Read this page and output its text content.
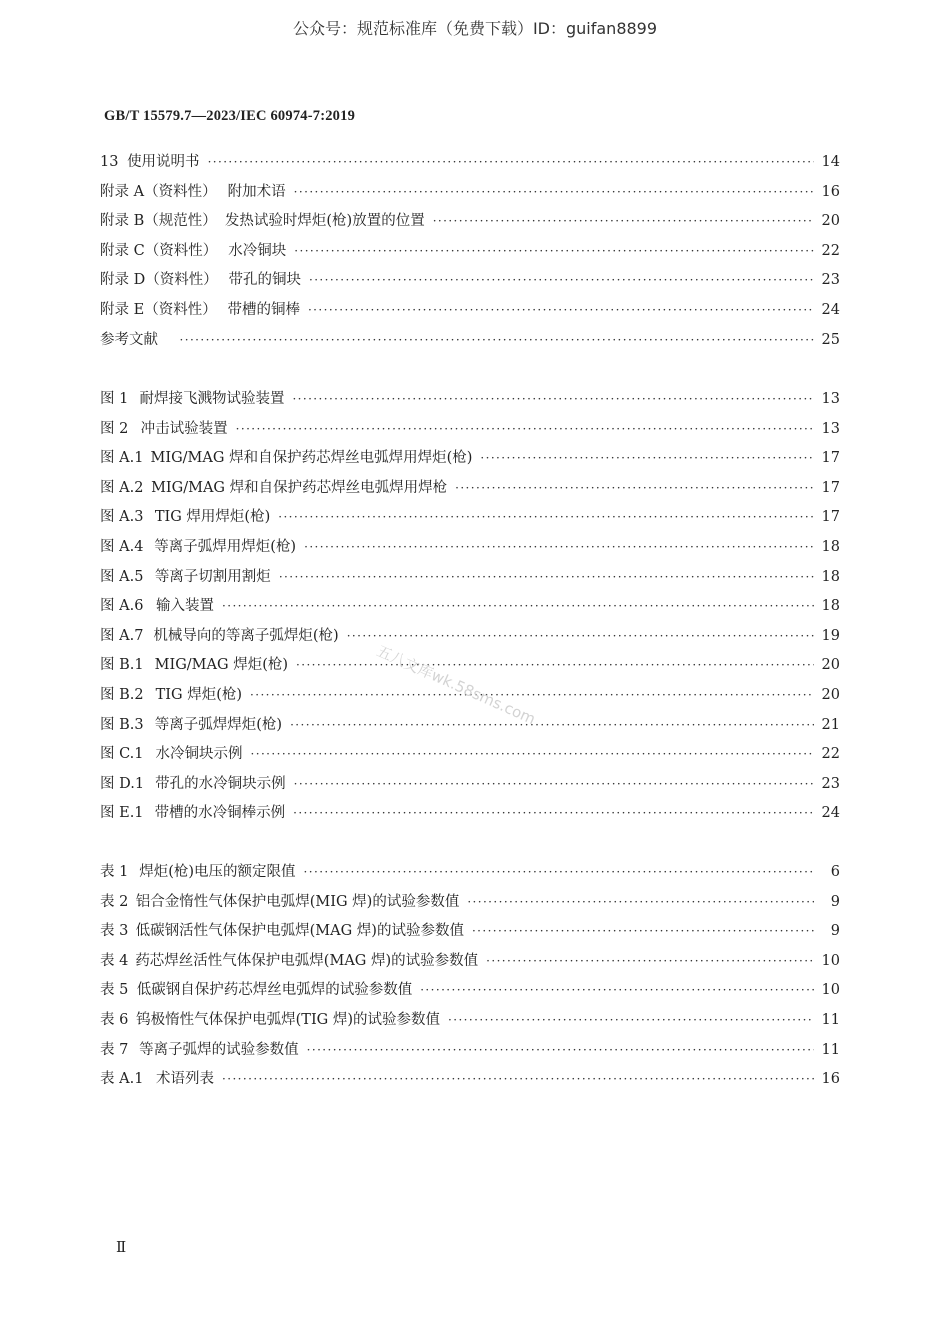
公众号：规范标准库（免费下载）ID：guifan8899
GB/T 15579.7—2023/IEC 60974-7:2019
13 使用说明书 ·····	14
附录 A（资料性） 附加术语 ·····	16
附录 B（规范性） 发热试验时焊炬(枪)放置的位置 ·····	20
附录 C（资料性） 水冷铜块 ·····	22
附录 D（资料性） 带孔的铜块 ·····	23
附录 E（资料性） 带槽的铜棒 ·····	24
参考文献 ·····	25
图 1 耐焊接飞溅物试验装置 ·····	13
图 2 冲击试验装置 ·····	13
图 A.1 MIG/MAG 焊和自保护药芯焊丝电弧焊用焊炬(枪) ·····	17
图 A.2 MIG/MAG 焊和自保护药芯焊丝电弧焊用焊枪 ·····	17
图 A.3 TIG 焊用焊炬(枪) ·····	17
图 A.4 等离子弧焊用焊炬(枪) ·····	18
图 A.5 等离子切割用割炬 ·····	18
图 A.6 输入装置 ·····	18
图 A.7 机械导向的等离子弧焊炬(枪) ·····	19
图 B.1 MIG/MAG 焊炬(枪) ·····	20
图 B.2 TIG 焊炬(枪) ·····	20
图 B.3 等离子弧焊焊炬(枪) ·····	21
图 C.1 水冷铜块示例 ·····	22
图 D.1 带孔的水冷铜块示例 ·····	23
图 E.1 带槽的水冷铜棒示例 ·····	24
表 1 焊炬(枪)电压的额定限值 ·····	6
表 2 铝合金惰性气体保护电弧焊(MIG 焊)的试验参数值 ·····	9
表 3 低碳钢活性气体保护电弧焊(MAG 焊)的试验参数值 ·····	9
表 4 药芯焊丝活性气体保护电弧焊(MAG 焊)的试验参数值 ·····	10
表 5 低碳钢自保护药芯焊丝电弧焊的试验参数值 ·····	10
表 6 钨极惰性气体保护电弧焊(TIG 焊)的试验参数值 ·····	11
表 7 等离子弧焊的试验参数值 ·····	11
表 A.1 术语列表 ·····	16
五八文库wk.58sms.com
Ⅱ
